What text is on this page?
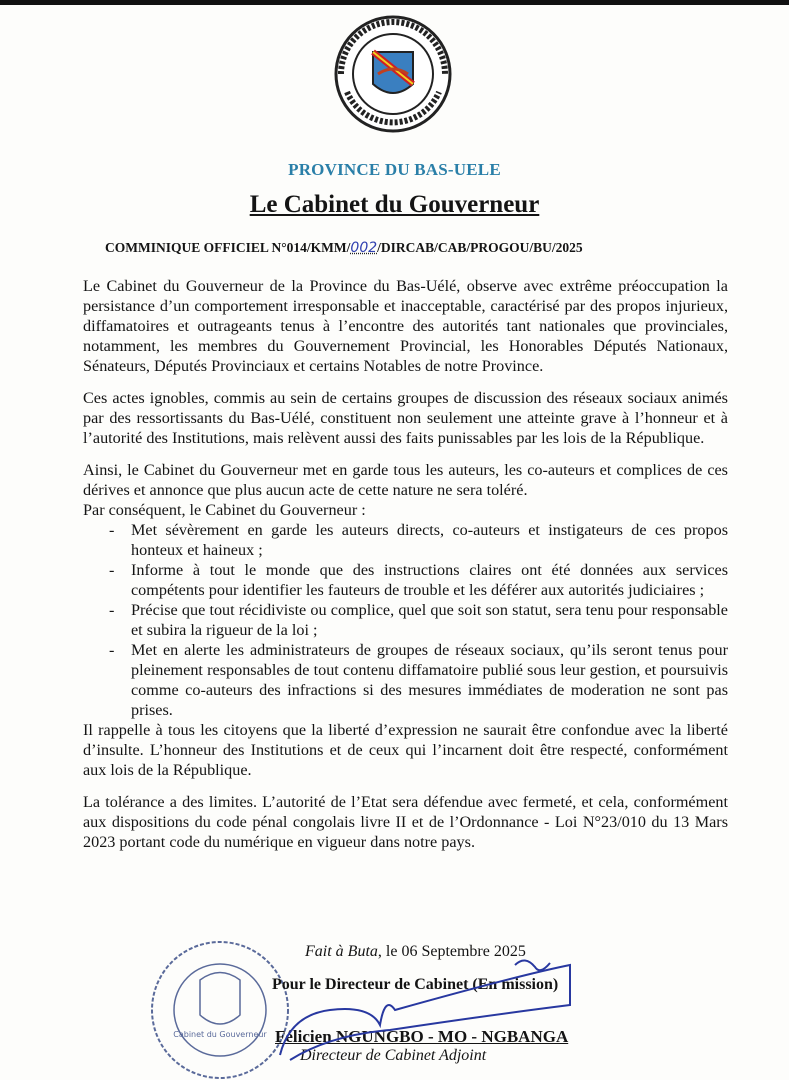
PROVINCE DU BAS-UELE
Le Cabinet du Gouverneur
COMMINIQUE OFFICIEL N°014/KMM/002/DIRCAB/CAB/PROGOU/BU/2025

Le Cabinet du Gouverneur de la Province du Bas-Uélé, observe avec extrême préoccupation la persistance d’un comportement irresponsable et inacceptable, caractérisé par des propos injurieux, diffamatoires et outrageants tenus à l’encontre des autorités tant nationales que provinciales, notamment, les membres du Gouvernement Provincial, les Honorables Députés Nationaux, Sénateurs, Députés Provinciaux et certains Notables de notre Province.

Ces actes ignobles, commis au sein de certains groupes de discussion des réseaux sociaux animés par des ressortissants du Bas-Uélé, constituent non seulement une atteinte grave à l’honneur et à l’autorité des Institutions, mais relèvent aussi des faits punissables par les lois de la République.

Ainsi, le Cabinet du Gouverneur met en garde tous les auteurs, les co-auteurs et complices de ces dérives et annonce que plus aucun acte de cette nature ne sera toléré.

Par conséquent, le Cabinet du Gouverneur :

- Met sévèrement en garde les auteurs directs, co-auteurs et instigateurs de ces propos honteux et haineux ;
- Informe à tout le monde que des instructions claires ont été données aux services compétents pour identifier les fauteurs de trouble et les déférer aux autorités judiciaires ;
- Précise que tout récidiviste ou complice, quel que soit son statut, sera tenu pour responsable et subira la rigueur de la loi ;
- Met en alerte les administrateurs de groupes de réseaux sociaux, qu’ils seront tenus pour pleinement responsables de tout contenu diffamatoire publié sous leur gestion, et poursuivis comme co-auteurs des infractions si des mesures immédiates de moderation ne sont pas prises.

Il rappelle à tous les citoyens que la liberté d’expression ne saurait être confondue avec la liberté d’insulte. L’honneur des Institutions et de ceux qui l’incarnent doit être respecté, conformément aux lois de la République.

La tolérance a des limites. L’autorité de l’Etat sera défendue avec fermeté, et cela, conformément aux dispositions du code pénal congolais livre II et de l’Ordonnance - Loi N°23/010 du 13 Mars 2023 portant code du numérique en vigueur dans notre pays.

Cabinet du Gouverneur
Fait à Buta, le 06 Septembre 2025
Pour le Directeur de Cabinet (En mission)
Félicien NGUNGBO - MO - NGBANGA
Directeur de Cabinet Adjoint
